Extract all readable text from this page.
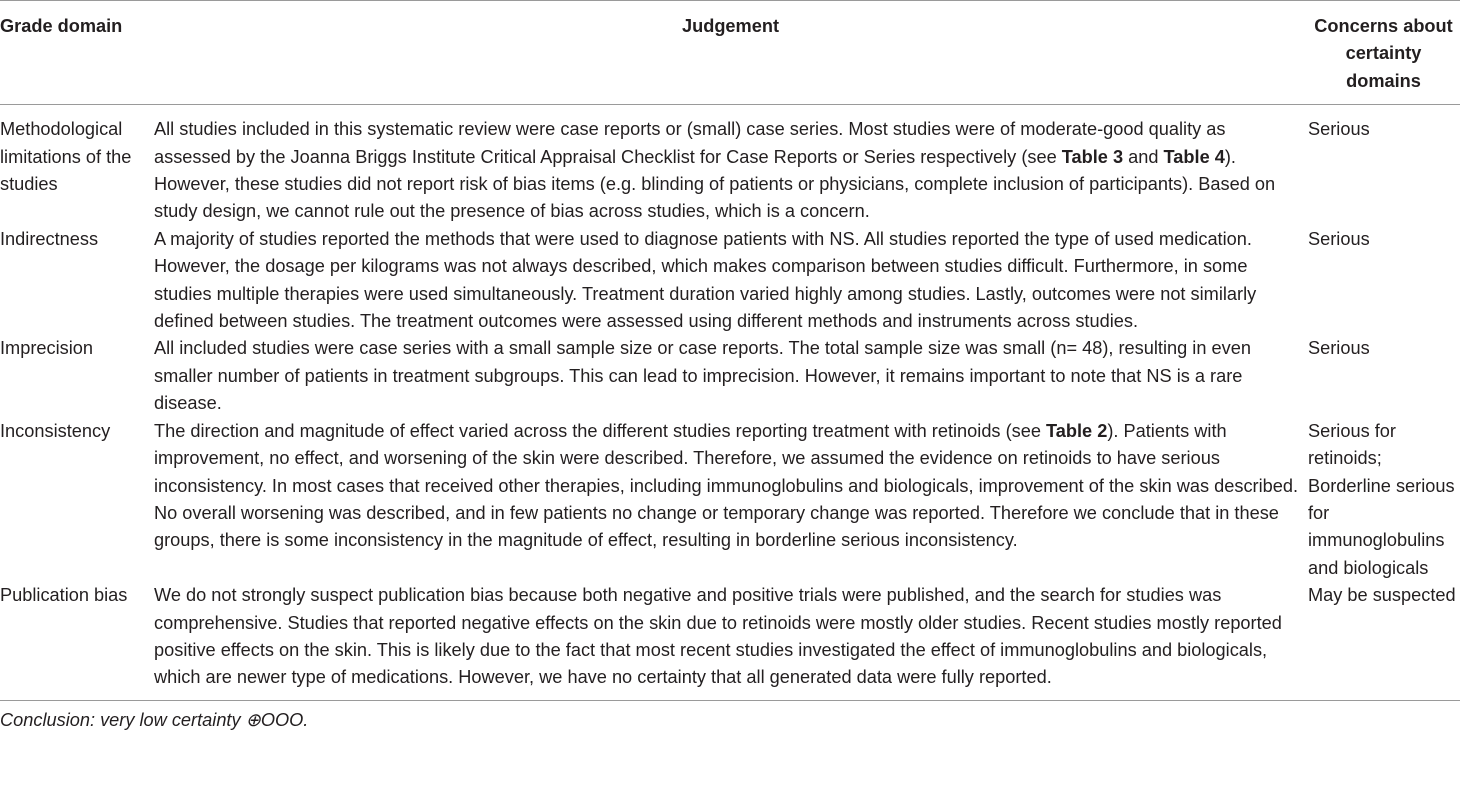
Grade domain	Judgement	Concerns about certainty domains
Methodological limitations of the studies	All studies included in this systematic review were case reports or (small) case series. Most studies were of moderate-good quality as assessed by the Joanna Briggs Institute Critical Appraisal Checklist for Case Reports or Series respectively (see Table 3 and Table 4). However, these studies did not report risk of bias items (e.g. blinding of patients or physicians, complete inclusion of participants). Based on study design, we cannot rule out the presence of bias across studies, which is a concern.	Serious
Indirectness	A majority of studies reported the methods that were used to diagnose patients with NS. All studies reported the type of used medication. However, the dosage per kilograms was not always described, which makes comparison between studies difficult. Furthermore, in some studies multiple therapies were used simultaneously. Treatment duration varied highly among studies. Lastly, outcomes were not similarly defined between studies. The treatment outcomes were assessed using different methods and instruments across studies.	Serious
Imprecision	All included studies were case series with a small sample size or case reports. The total sample size was small (n= 48), resulting in even smaller number of patients in treatment subgroups. This can lead to imprecision. However, it remains important to note that NS is a rare disease.	Serious
Inconsistency	The direction and magnitude of effect varied across the different studies reporting treatment with retinoids (see Table 2). Patients with improvement, no effect, and worsening of the skin were described. Therefore, we assumed the evidence on retinoids to have serious inconsistency. In most cases that received other therapies, including immunoglobulins and biologicals, improvement of the skin was described. No overall worsening was described, and in few patients no change or temporary change was reported. Therefore we conclude that in these groups, there is some inconsistency in the magnitude of effect, resulting in borderline serious inconsistency.	Serious for retinoids; Borderline serious for immunoglobulins and biologicals
Publication bias	We do not strongly suspect publication bias because both negative and positive trials were published, and the search for studies was comprehensive. Studies that reported negative effects on the skin due to retinoids were mostly older studies. Recent studies mostly reported positive effects on the skin. This is likely due to the fact that most recent studies investigated the effect of immunoglobulins and biologicals, which are newer type of medications. However, we have no certainty that all generated data were fully reported.	May be suspected
Conclusion: very low certainty ⊕OOO.
